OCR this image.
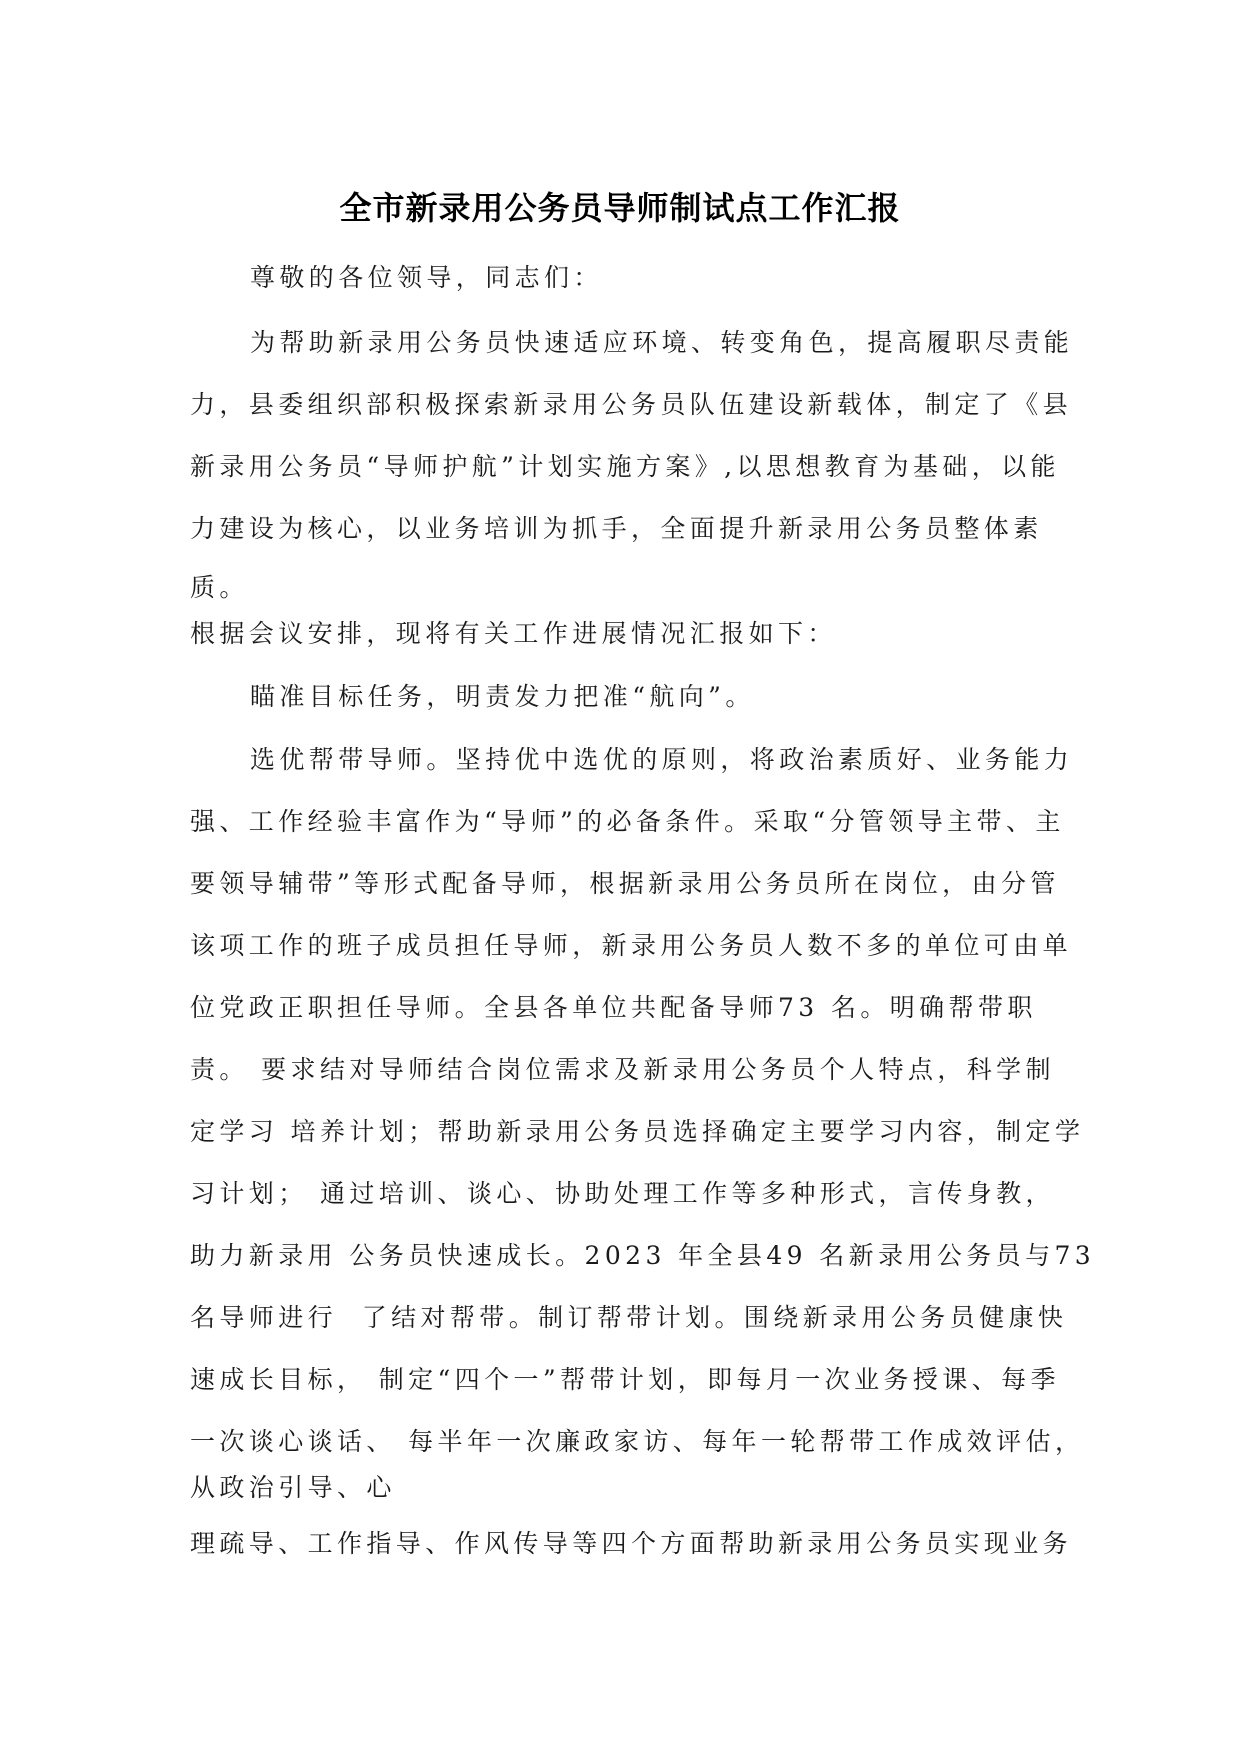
全市新录用公务员导师制试点工作汇报
尊敬的各位领导，同志们：
为帮助新录用公务员快速适应环境、转变角色，提高履职尽责能
力，县委组织部积极探索新录用公务员队伍建设新载体，制定了《县
新录用公务员“导师护航”计划实施方案》,以思想教育为基础，以能
力建设为核心，以业务培训为抓手，全面提升新录用公务员整体素
质。
根据会议安排，现将有关工作进展情况汇报如下：
瞄准目标任务，明责发力把准“航向”。
选优帮带导师。坚持优中选优的原则，将政治素质好、业务能力
强、工作经验丰富作为“导师”的必备条件。采取“分管领导主带、主
要领导辅带”等形式配备导师，根据新录用公务员所在岗位，由分管
该项工作的班子成员担任导师，新录用公务员人数不多的单位可由单
位党政正职担任导师。全县各单位共配备导师73 名。明确帮带职
责。 要求结对导师结合岗位需求及新录用公务员个人特点，科学制
定学习 培养计划；帮助新录用公务员选择确定主要学习内容，制定学
习计划； 通过培训、谈心、协助处理工作等多种形式，言传身教，
助力新录用 公务员快速成长。2023 年全县49 名新录用公务员与73
名导师进行  了结对帮带。制订帮带计划。围绕新录用公务员健康快
速成长目标， 制定“四个一”帮带计划，即每月一次业务授课、每季
一次谈心谈话、 每半年一次廉政家访、每年一轮帮带工作成效评估，
从政治引导、心
理疏导、工作指导、作风传导等四个方面帮助新录用公务员实现业务
